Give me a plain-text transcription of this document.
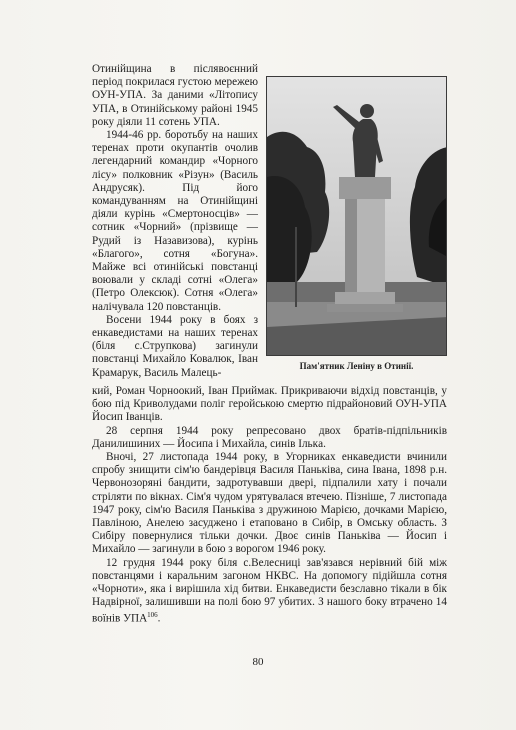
Отинійщина в післявоєнний період покрилася густою мережею ОУН-УПА. За даними «Літопису УПА, в Отинійському районі 1945 року діяли 11 сотень УПА.

1944-46 рр. боротьбу на наших теренах проти окупантів очолив легендарний командир «Чорного лісу» полковник «Різун» (Василь Андрусяк). Під його командуванням на Отинійщині діяли курінь «Смертоносців» — сотник «Чорний» (прізвище — Рудий із Назавизова), курінь «Благого», сотня «Богуна». Майже всі отинійські повстанці воювали у складі сотні «Олега» (Петро Олексюк). Сотня «Олега» налічувала 120 повстанців.

Восени 1944 року в боях з енкаведистами на наших теренах (біля с.Струпкова) загинули повстанці Михайло Ковалюк, Іван Крамарук, Василь Малець-

Пам'ятник Леніну в Отинії.

кий, Роман Чорноокий, Іван Приймак. Прикриваючи відхід повстанців, у бою під Криволудами поліг геройською смертю підрайоновий ОУН-УПА Йосип Іванців.

28 серпня 1944 року репресовано двох братів-підпільників Данилишиних — Йосипа і Михайла, синів Ількa.

Вночі, 27 листопада 1944 року, в Угорниках енкаведисти вчинили спробу знищити сім'ю бандерівця Василя Паньківа, сина Івана, 1898 р.н. Червонозоряні бандити, задротувавши двері, підпалили хату і почали стріляти по вікнах. Сім'я чудом урятувалася втечею. Пізніше, 7 листопада 1947 року, сім'ю Василя Паньківа з дружиною Марією, дочками Марією, Павліною, Анелею засуджено і етаповано в Сибір, в Омську область. З Сибіру повернулися тільки дочки. Двоє синів Паньківа — Йосип і Михайло — загинули в бою з ворогом 1946 року.

12 грудня 1944 року біля с.Велесниці зав'язався нерівний бій між повстанцями і каральним загоном НКВС. На допомогу підійшла сотня «Чорноти», яка і вирішила хід битви. Енкаведисти безславно тікали в бік Надвірної, залишивши на полі бою 97 убитих. З нашого боку втрачено 14 воїнів УПА$^{106}$.

80
